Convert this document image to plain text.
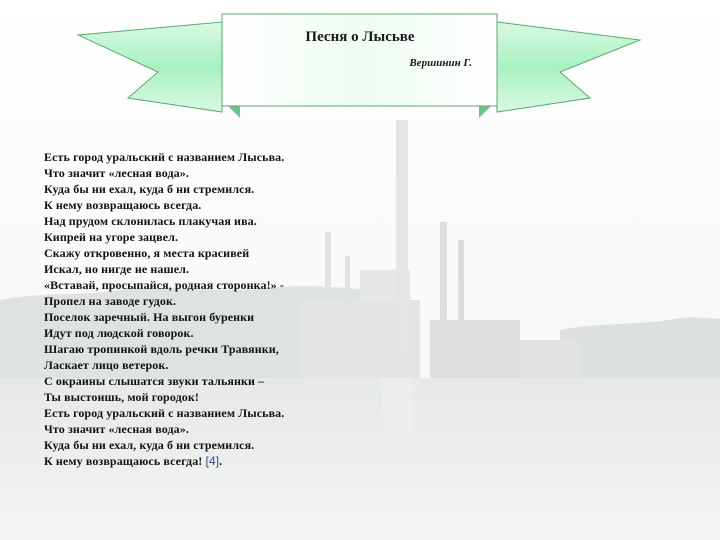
Песня о Лысьве
Вершинин Г.
Есть город уральский с названием Лысьва.
Что значит «лесная вода».
Куда бы ни ехал, куда б ни стремился.
К нему возвращаюсь всегда.
Над прудом склонилась плакучая ива.
Кипрей на угоре зацвел.
Скажу откровенно, я места красивей
Искал, но нигде не нашел.
«Вставай, просыпайся, родная сторонка!» -
Пропел на заводе гудок.
Поселок заречный. На выгон буренки
Идут под людской говорок.
Шагаю тропинкой вдоль речки Травянки,
Ласкает лицо ветерок.
С окраины слышатся звуки тальянки –
Ты выстоишь, мой городок!
Есть город уральский с названием Лысьва.
Что значит «лесная вода».
Куда бы ни ехал, куда б ни стремился.
К нему возвращаюсь всегда! [4].
